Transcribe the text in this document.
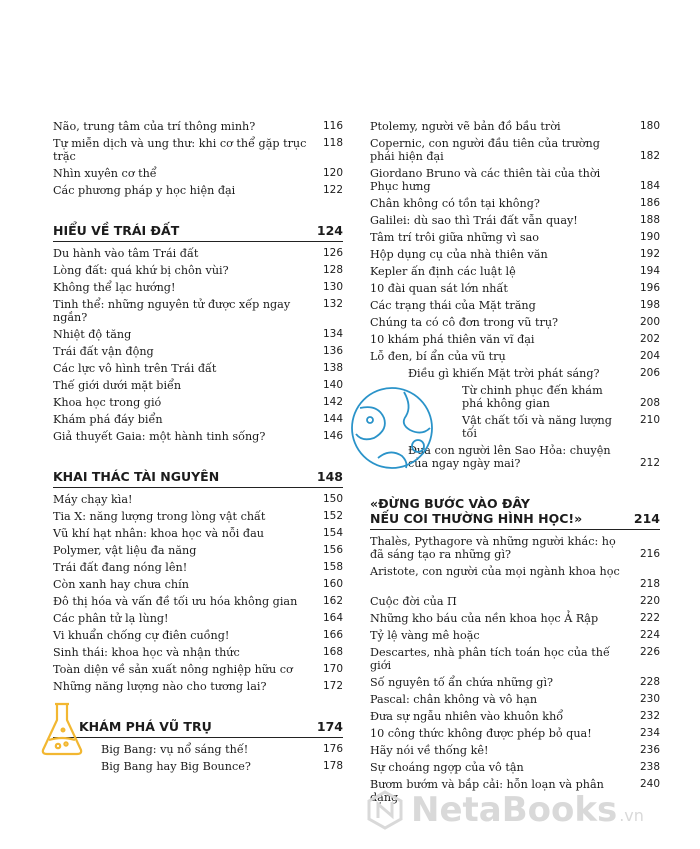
Não, trung tâm của trí thông minh?	116
Tự miễn dịch và ung thư: khi cơ thể gặp trục trặc
118
Nhìn xuyên cơ thể	120
Các phương pháp y học hiện đại	122
HIỂU VỀ TRÁI ĐẤT	124
Du hành vào tâm Trái đất	126
Lòng đất: quá khứ bị chôn vùi?	128
Không thể lạc hướng!	130
Tinh thể: những nguyên tử được xếp ngay ngắn?
132
Nhiệt độ tăng	134
Trái đất vận động	136
Các lực vô hình trên Trái đất	138
Thế giới dưới mặt biển	140
Khoa học trong gió	142
Khám phá đáy biển	144
Giả thuyết Gaia: một hành tinh sống?	146
KHAI THÁC TÀI NGUYÊN	148
Máy chạy kìa!	150
Tia X: năng lượng trong lòng vật chất	152
Vũ khí hạt nhân: khoa học và nỗi đau	154
Polymer, vật liệu đa năng	156
Trái đất đang nóng lên!	158
Còn xanh hay chưa chín	160
Đô thị hóa và vấn đề tối ưu hóa không gian	162
Các phân tử lạ lùng!	164
Vi khuẩn chống cự điên cuồng!	166
Sinh thái: khoa học và nhận thức	168
Toàn diện về sản xuất nông nghiệp hữu cơ	170
Những năng lượng nào cho tương lai?	172
KHÁM PHÁ VŨ TRỤ	174
Big Bang: vụ nổ sáng thế!	176
Big Bang hay Big Bounce?	178
Ptolemy, người vẽ bản đồ bầu trời	180
Copernic, con người đầu tiên của trường phái hiện đại	182
Giordano Bruno và các thiên tài của thời Phục hưng	184
Chân không có tồn tại không?	186
Galilei: dù sao thì Trái đất vẫn quay!	188
Tâm trí trôi giữa những vì sao	190
Hộp dụng cụ của nhà thiên văn	192
Kepler ấn định các luật lệ	194
10 đài quan sát lớn nhất	196
Các trạng thái của Mặt trăng	198
Chúng ta có cô đơn trong vũ trụ?	200
10 khám phá thiên văn vĩ đại	202
Lỗ đen, bí ẩn của vũ trụ	204
Điều gì khiến Mặt trời phát sáng?	206
Từ chinh phục đến khám phá không gian	208
Vật chất tối và năng lượng tối
210
Đưa con người lên Sao Hỏa: chuyện của ngay ngày mai?	212
«ĐỪNG BƯỚC VÀO ĐÂY
NẾU COI THƯỜNG HÌNH HỌC!»	214
Thalès, Pythagore và những người khác: họ đã sáng tạo ra những gì?	216
Aristote, con người của mọi ngành khoa học
218
Cuộc đời của Π	220
Những kho báu của nền khoa học Ả Rập	222
Tỷ lệ vàng mê hoặc	224
Descartes, nhà phân tích toán học của thế giới
226
Số nguyên tố ẩn chứa những gì?	228
Pascal: chân không và vô hạn	230
Đưa sự ngẫu nhiên vào khuôn khổ	232
10 công thức không được phép bỏ qua!	234
Hãy nói về thống kê!	236
Sự choáng ngợp của vô tận	238
Bươm bướm và bắp cải: hỗn loạn và phân dạng
240
NetaBooks .vn
